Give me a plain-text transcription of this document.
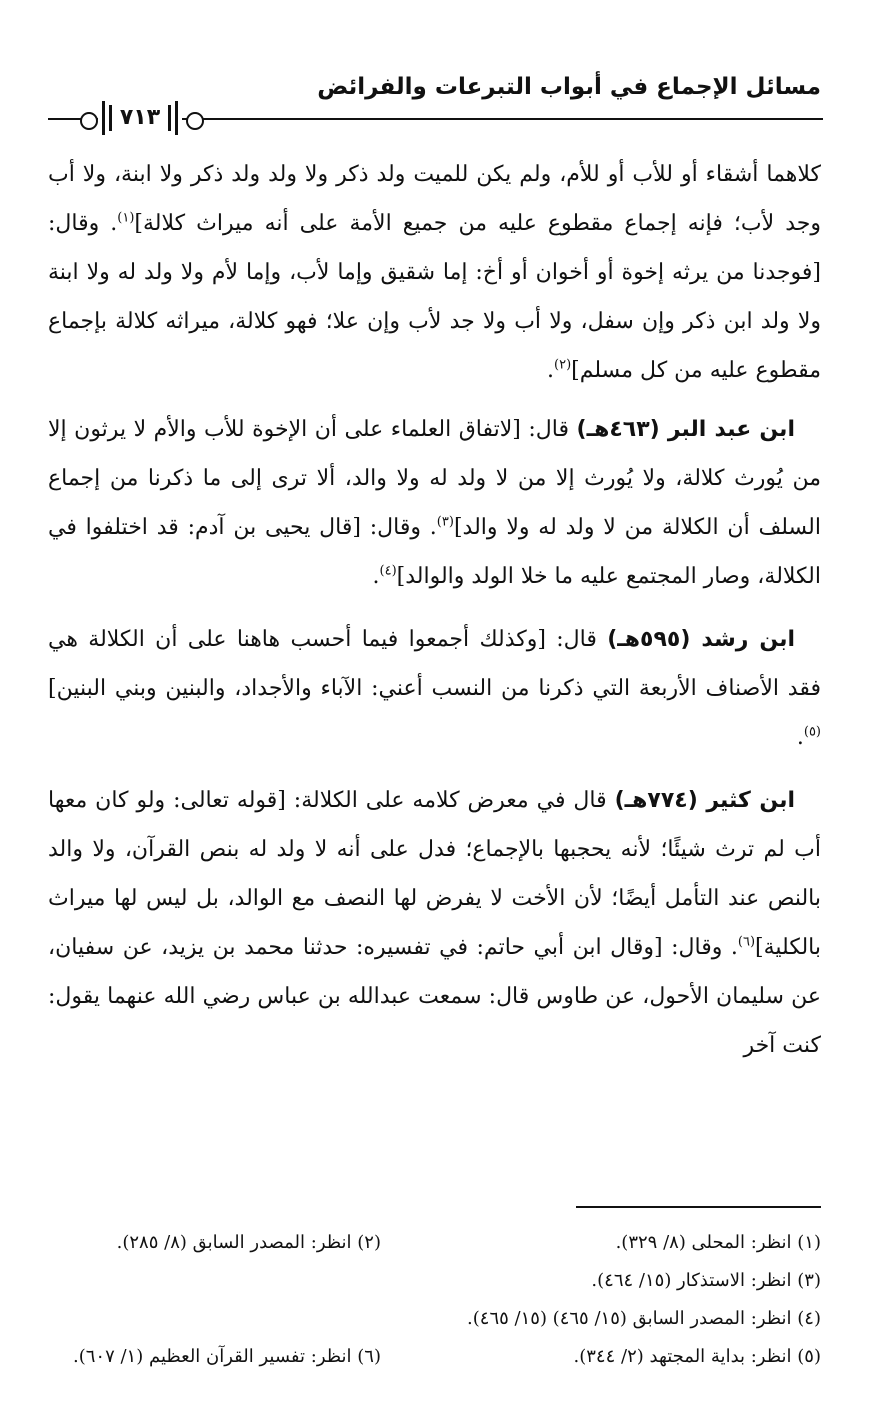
مسائل الإجماع في أبواب التبرعات والفرائض
٧١٣

كلاهما أشقاء أو للأب أو للأم، ولم يكن للميت ولد ذكر ولا ولد ولد ذكر ولا ابنة، ولا أب وجد لأب؛ فإنه إجماع مقطوع عليه من جميع الأمة على أنه ميراث كلالة]$^{(١)}$. وقال: [فوجدنا من يرثه إخوة أو أخوان أو أخ: إما شقيق وإما لأب، وإما لأم ولا ولد له ولا ابنة ولا ولد ابن ذكر وإن سفل، ولا أب ولا جد لأب وإن علا؛ فهو كلالة، ميراثه كلالة بإجماع مقطوع عليه من كل مسلم]$^{(٢)}$.

ابن عبد البر (٤٦٣هـ) قال: [لاتفاق العلماء على أن الإخوة للأب والأم لا يرثون إلا من يُورث كلالة، ولا يُورث إلا من لا ولد له ولا والد، ألا ترى إلى ما ذكرنا من إجماع السلف أن الكلالة من لا ولد له ولا والد]$^{(٣)}$. وقال: [قال يحيى بن آدم: قد اختلفوا في الكلالة، وصار المجتمع عليه ما خلا الولد والوالد]$^{(٤)}$.

ابن رشد (٥٩٥هـ) قال: [وكذلك أجمعوا فيما أحسب هاهنا على أن الكلالة هي فقد الأصناف الأربعة التي ذكرنا من النسب أعني: الآباء والأجداد، والبنين وبني البنين]$^{(٥)}$.

ابن كثير (٧٧٤هـ) قال في معرض كلامه على الكلالة: [قوله تعالى: ولو كان معها أب لم ترث شيئًا؛ لأنه يحجبها بالإجماع؛ فدل على أنه لا ولد له بنص القرآن، ولا والد بالنص عند التأمل أيضًا؛ لأن الأخت لا يفرض لها النصف مع الوالد، بل ليس لها ميراث بالكلية]$^{(٦)}$. وقال: [وقال ابن أبي حاتم: في تفسيره: حدثنا محمد بن يزيد، عن سفيان، عن سليمان الأحول، عن طاوس قال: سمعت عبدالله بن عباس رضي الله عنهما يقول: كنت آخر

(١) انظر: المحلى (٨/ ٣٢٩).
(٢) انظر: المصدر السابق (٨/ ٢٨٥).
(٣) انظر: الاستذكار (١٥/ ٤٦٤).
(٤) انظر: المصدر السابق (١٥/ ٤٦٥) (١٥/ ٤٦٥).
(٥) انظر: بداية المجتهد (٢/ ٣٤٤).
(٦) انظر: تفسير القرآن العظيم (١/ ٦٠٧).
